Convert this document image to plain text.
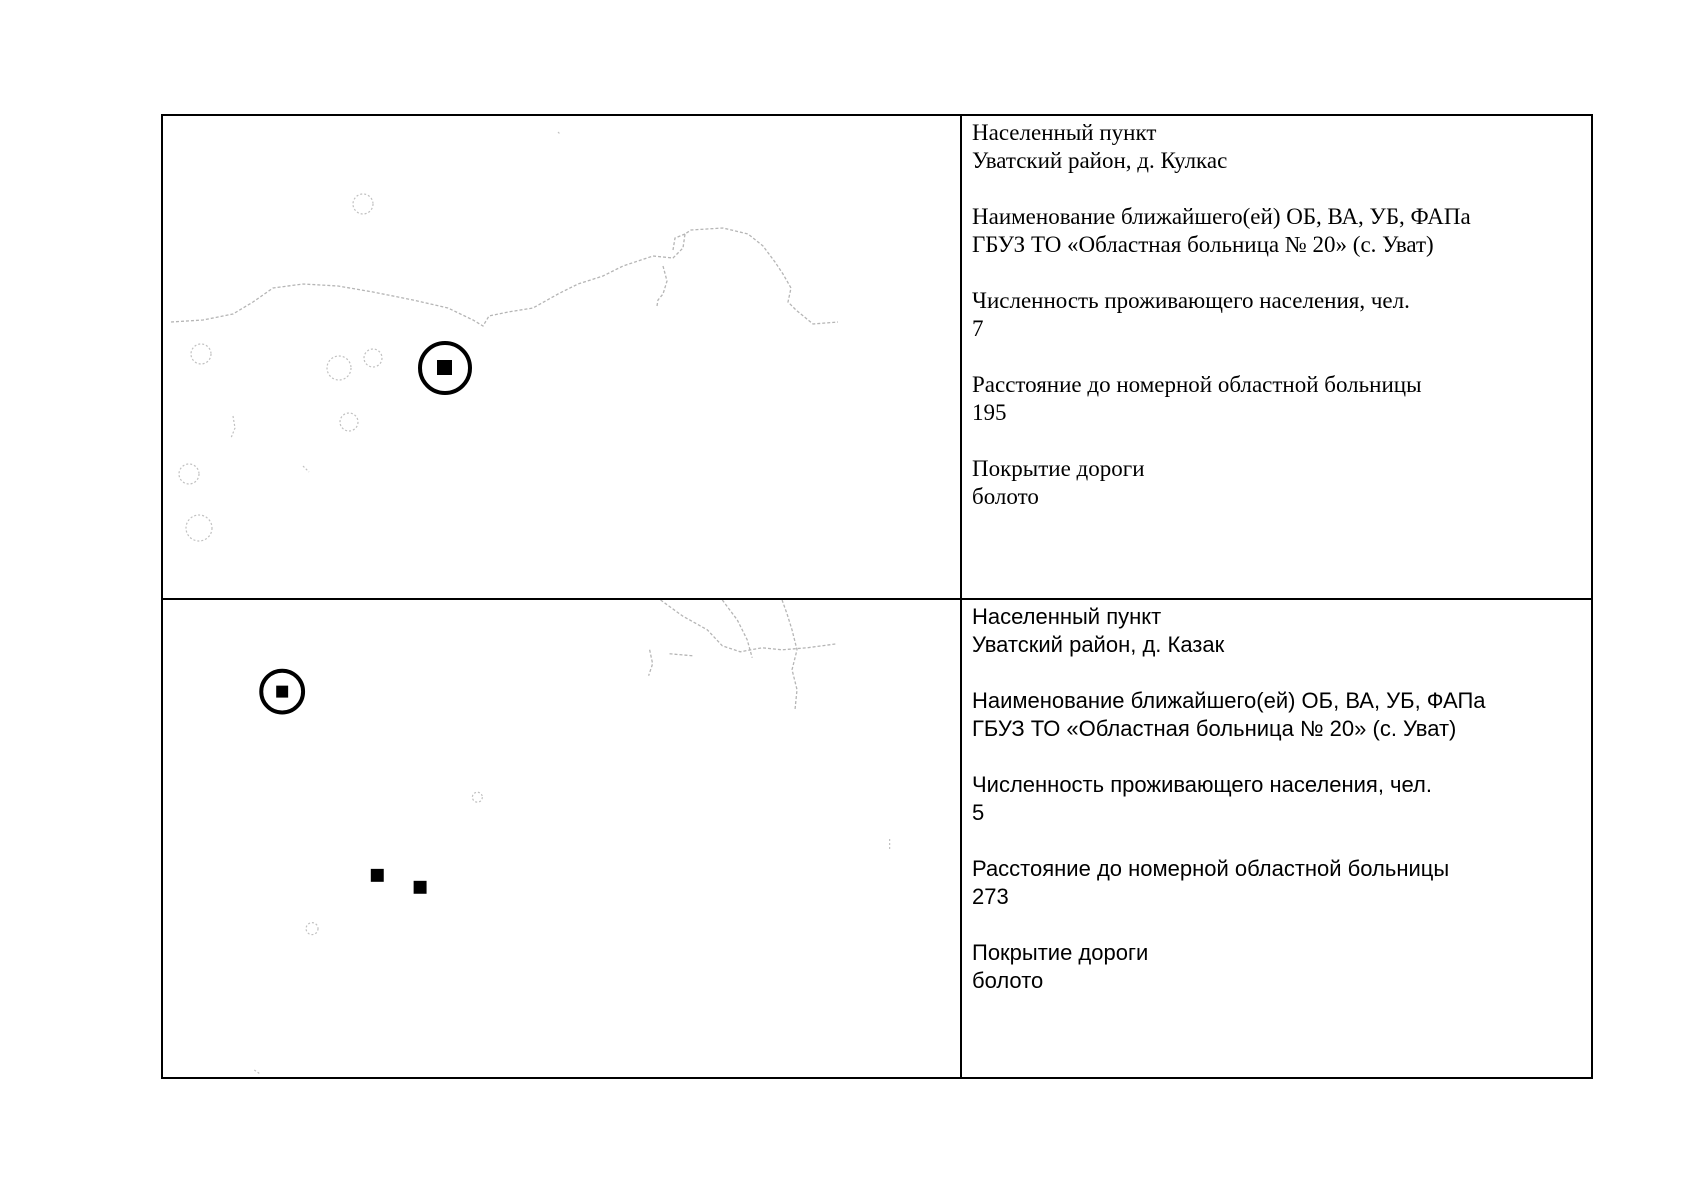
Населенный пункт
Уватский район, д. Кулкас
Наименование ближайшего(ей) ОБ, ВА, УБ, ФАПа
ГБУЗ ТО «Областная больница № 20» (с. Уват)
Численность проживающего населения, чел.
7
Расстояние до номерной областной больницы
195
Покрытие дороги
болото
Населенный пункт
Уватский район, д. Казак
Наименование ближайшего(ей) ОБ, ВА, УБ, ФАПа
ГБУЗ ТО «Областная больница № 20» (с. Уват)
Численность проживающего населения, чел.
5
Расстояние до номерной областной больницы
273
Покрытие дороги
болото
